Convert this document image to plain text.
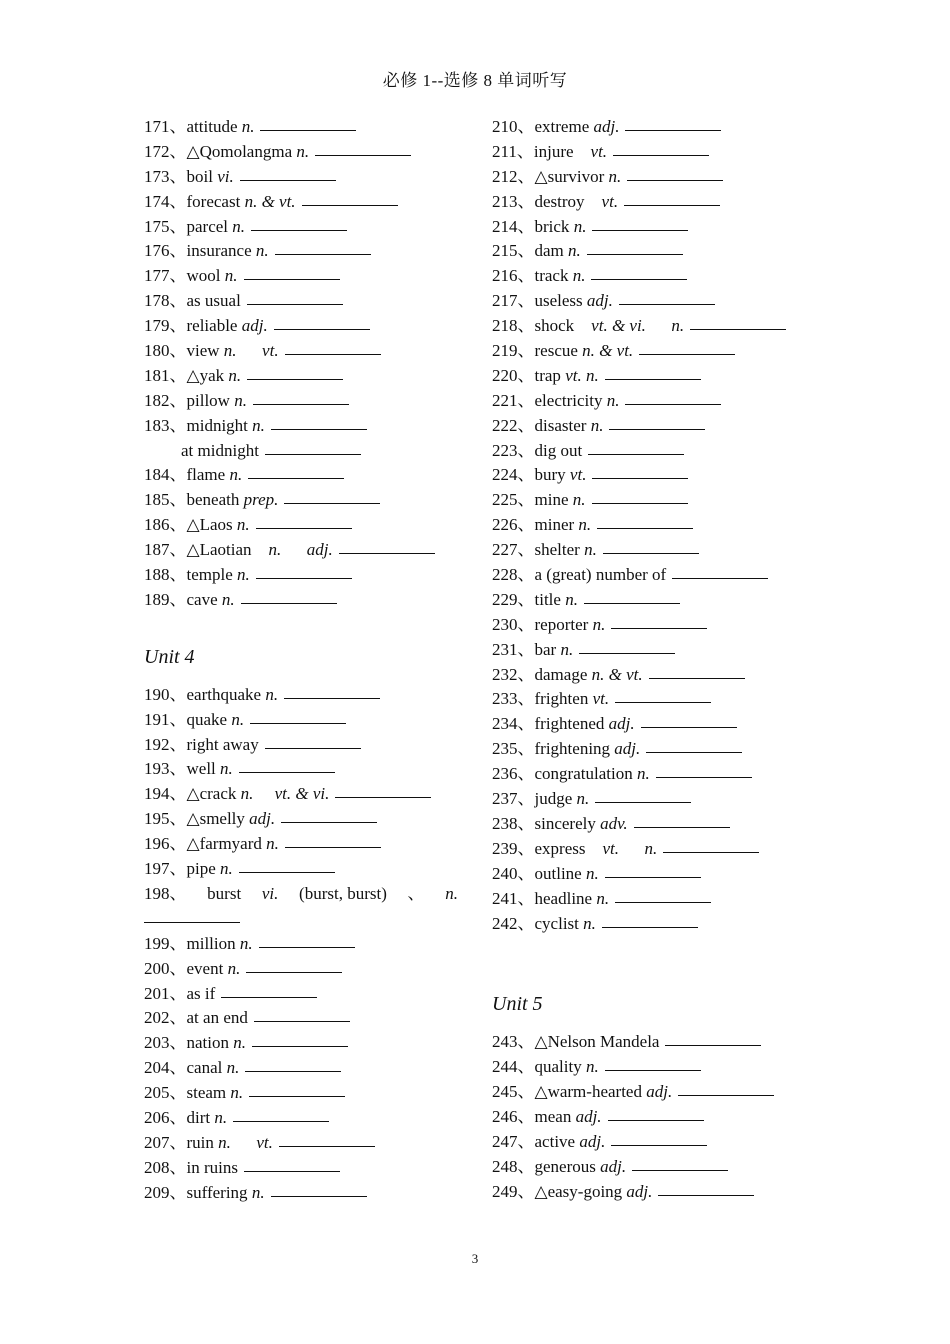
必修 1--选修 8 单词听写
171、attitude n.
172、△Qomolangma n.
173、boil vi.
174、forecast n. & vt.
175、parcel n.
176、insurance n.
177、wool n.
178、as usual
179、reliable adj.
180、view n.      vt.
181、△yak n.
182、pillow n.
183、midnight n.
at midnight
184、flame n.
185、beneath prep.
186、△Laos n.
187、△Laotian    n.      adj.
188、temple n.
189、cave n.
Unit 4
190、earthquake n.
191、quake n.
192、right away
193、well n.
194、△crack n.     vt. & vi.
195、△smelly adj.
196、△farmyard n.
197、pipe n.
198、 burst vi. (burst, burst) 、 n.
199、million n.
200、event n.
201、as if
202、at an end
203、nation n.
204、canal n.
205、steam n.
206、dirt n.
207、ruin n.      vt.
208、in ruins
209、suffering n.
210、extreme adj.
211、injure    vt.
212、△survivor n.
213、destroy    vt.
214、brick n.
215、dam n.
216、track n.
217、useless adj.
218、shock    vt. & vi.      n.
219、rescue n. & vt.
220、trap vt. n.
221、electricity n.
222、disaster n.
223、dig out
224、bury vt.
225、mine n.
226、miner n.
227、shelter n.
228、a (great) number of
229、title n.
230、reporter n.
231、bar n.
232、damage n. & vt.
233、frighten vt.
234、frightened adj.
235、frightening adj.
236、congratulation n.
237、judge n.
238、sincerely adv.
239、express    vt.      n.
240、outline n.
241、headline n.
242、cyclist n.
Unit 5
243、△Nelson Mandela
244、quality n.
245、△warm-hearted adj.
246、mean adj.
247、active adj.
248、generous adj.
249、△easy-going adj.
3
